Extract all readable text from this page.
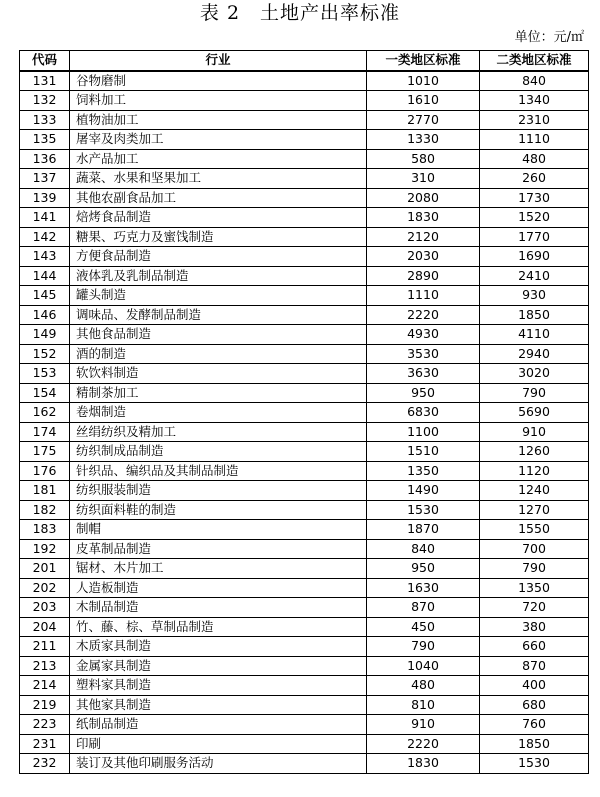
表 2　土地产出率标准
单位：元/㎡
代码	行业	一类地区标准	二类地区标准
131	谷物磨制	1010	840
132	饲料加工	1610	1340
133	植物油加工	2770	2310
135	屠宰及肉类加工	1330	1110
136	水产品加工	580	480
137	蔬菜、水果和坚果加工	310	260
139	其他农副食品加工	2080	1730
141	焙烤食品制造	1830	1520
142	糖果、巧克力及蜜饯制造	2120	1770
143	方便食品制造	2030	1690
144	液体乳及乳制品制造	2890	2410
145	罐头制造	1110	930
146	调味品、发酵制品制造	2220	1850
149	其他食品制造	4930	4110
152	酒的制造	3530	2940
153	软饮料制造	3630	3020
154	精制茶加工	950	790
162	卷烟制造	6830	5690
174	丝绢纺织及精加工	1100	910
175	纺织制成品制造	1510	1260
176	针织品、编织品及其制品制造	1350	1120
181	纺织服装制造	1490	1240
182	纺织面料鞋的制造	1530	1270
183	制帽	1870	1550
192	皮革制品制造	840	700
201	锯材、木片加工	950	790
202	人造板制造	1630	1350
203	木制品制造	870	720
204	竹、藤、棕、草制品制造	450	380
211	木质家具制造	790	660
213	金属家具制造	1040	870
214	塑料家具制造	480	400
219	其他家具制造	810	680
223	纸制品制造	910	760
231	印刷	2220	1850
232	装订及其他印刷服务活动	1830	1530
